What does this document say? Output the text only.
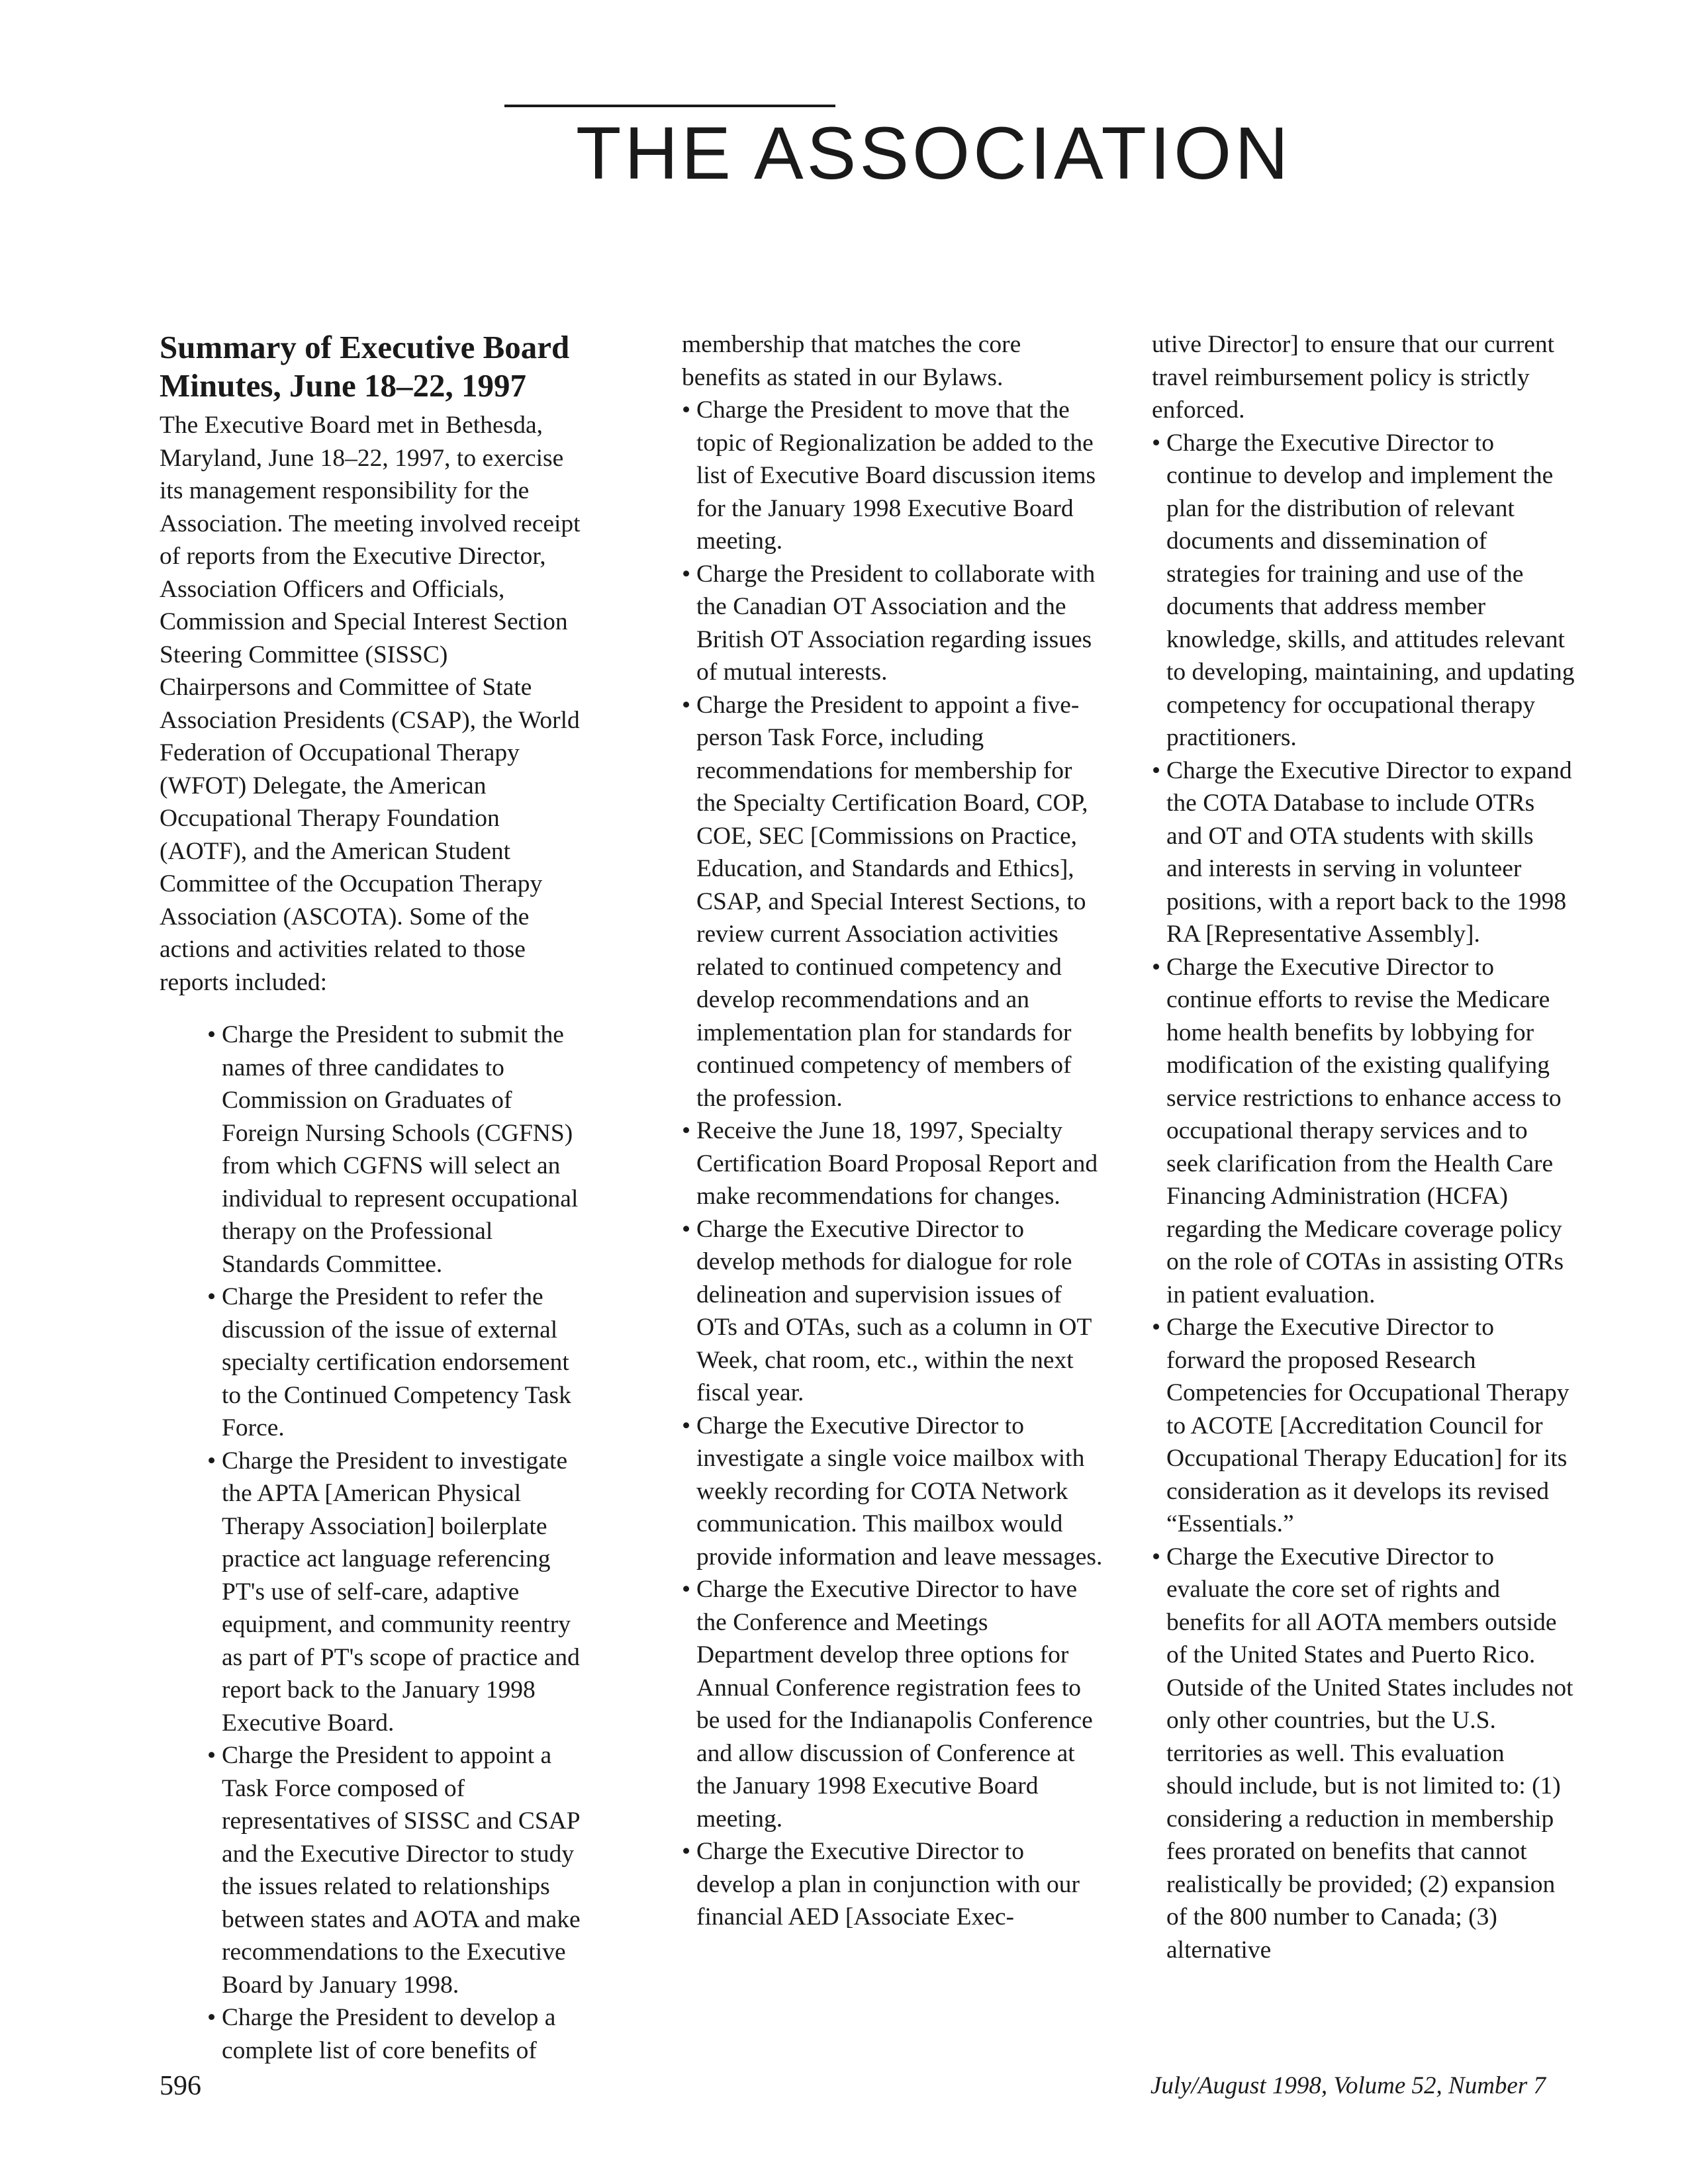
THE ASSOCIATION
Summary of Executive Board Minutes, June 18–22, 1997

The Executive Board met in Bethesda, Maryland, June 18–22, 1997, to exercise its management responsibility for the Association. The meeting involved receipt of reports from the Executive Director, Association Officers and Officials, Commission and Special Interest Section Steering Committee (SISSC) Chairpersons and Committee of State Association Presidents (CSAP), the World Federation of Occupational Therapy (WFOT) Delegate, the American Occupational Therapy Foundation (AOTF), and the American Student Committee of the Occupation Therapy Association (ASCOTA). Some of the actions and activities related to those reports included:

• Charge the President to submit the names of three candidates to Commission on Graduates of Foreign Nursing Schools (CGFNS) from which CGFNS will select an individual to represent occupational therapy on the Professional Standards Committee.
• Charge the President to refer the discussion of the issue of external specialty certification endorsement to the Continued Competency Task Force.
• Charge the President to investigate the APTA [American Physical Therapy Association] boilerplate practice act language referencing PT's use of self-care, adaptive equipment, and community reentry as part of PT's scope of practice and report back to the January 1998 Executive Board.
• Charge the President to appoint a Task Force composed of representatives of SISSC and CSAP and the Executive Director to study the issues related to relationships between states and AOTA and make recommendations to the Executive Board by January 1998.
• Charge the President to develop a complete list of core benefits of

membership that matches the core benefits as stated in our Bylaws.

• Charge the President to move that the topic of Regionalization be added to the list of Executive Board discussion items for the January 1998 Executive Board meeting.
• Charge the President to collaborate with the Canadian OT Association and the British OT Association regarding issues of mutual interests.
• Charge the President to appoint a five-person Task Force, including recommendations for membership for the Specialty Certification Board, COP, COE, SEC [Commissions on Practice, Education, and Standards and Ethics], CSAP, and Special Interest Sections, to review current Association activities related to continued competency and develop recommendations and an implementation plan for standards for continued competency of members of the profession.
• Receive the June 18, 1997, Specialty Certification Board Proposal Report and make recommendations for changes.
• Charge the Executive Director to develop methods for dialogue for role delineation and supervision issues of OTs and OTAs, such as a column in OT Week, chat room, etc., within the next fiscal year.
• Charge the Executive Director to investigate a single voice mailbox with weekly recording for COTA Network communication. This mailbox would provide information and leave messages.
• Charge the Executive Director to have the Conference and Meetings Department develop three options for Annual Conference registration fees to be used for the Indianapolis Conference and allow discussion of Conference at the January 1998 Executive Board meeting.
• Charge the Executive Director to develop a plan in conjunction with our financial AED [Associate Exec-

utive Director] to ensure that our current travel reimbursement policy is strictly enforced.

• Charge the Executive Director to continue to develop and implement the plan for the distribution of relevant documents and dissemination of strategies for training and use of the documents that address member knowledge, skills, and attitudes relevant to developing, maintaining, and updating competency for occupational therapy practitioners.
• Charge the Executive Director to expand the COTA Database to include OTRs and OT and OTA students with skills and interests in serving in volunteer positions, with a report back to the 1998 RA [Representative Assembly].
• Charge the Executive Director to continue efforts to revise the Medicare home health benefits by lobbying for modification of the existing qualifying service restrictions to enhance access to occupational therapy services and to seek clarification from the Health Care Financing Administration (HCFA) regarding the Medicare coverage policy on the role of COTAs in assisting OTRs in patient evaluation.
• Charge the Executive Director to forward the proposed Research Competencies for Occupational Therapy to ACOTE [Accreditation Council for Occupational Therapy Education] for its consideration as it develops its revised “Essentials.”
• Charge the Executive Director to evaluate the core set of rights and benefits for all AOTA members outside of the United States and Puerto Rico. Outside of the United States includes not only other countries, but the U.S. territories as well. This evaluation should include, but is not limited to: (1) considering a reduction in membership fees prorated on benefits that cannot realistically be provided; (2) expansion of the 800 number to Canada; (3) alternative
596	July/August 1998, Volume 52, Number 7
